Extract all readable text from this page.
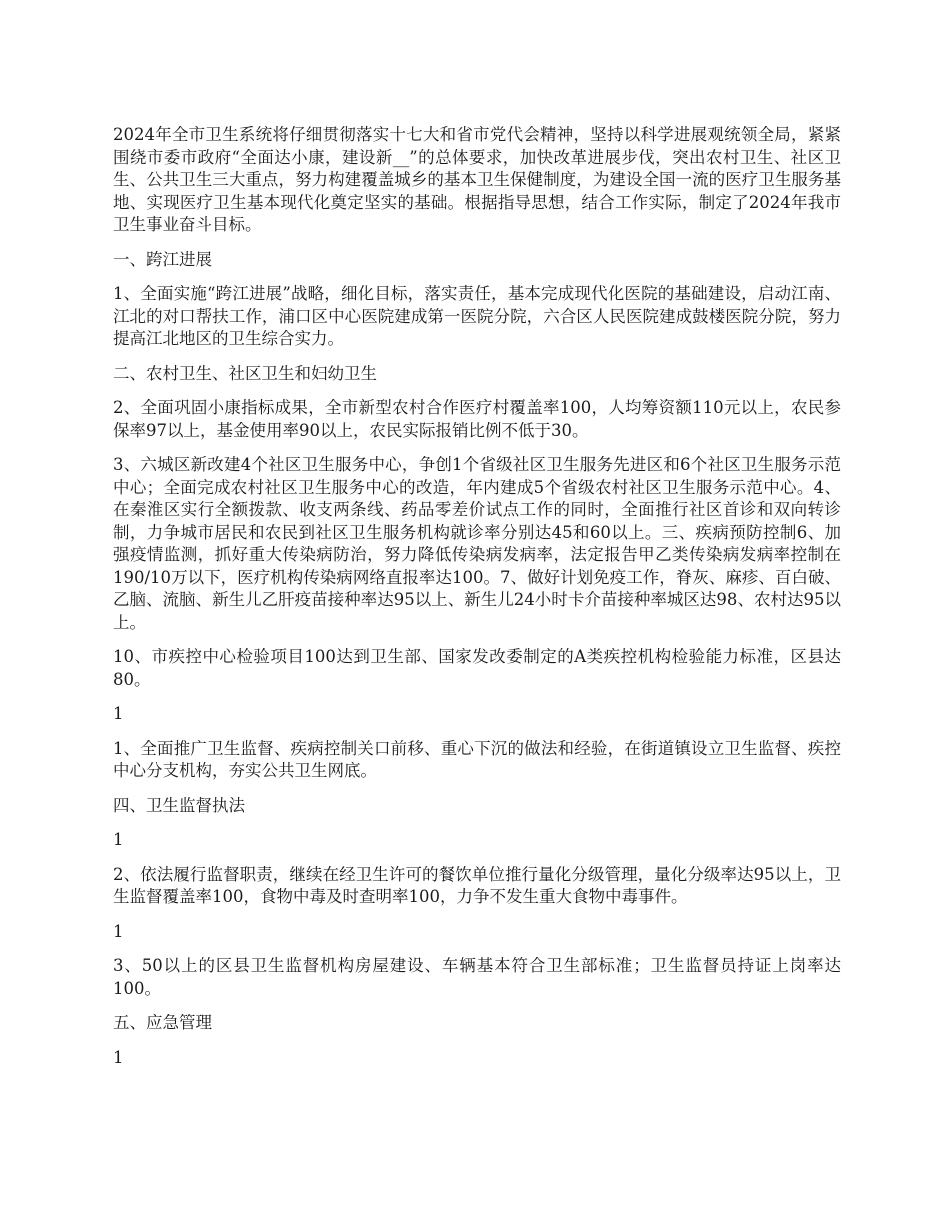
2024年全市卫生系统将仔细贯彻落实十七大和省市党代会精神，坚持以科学进展观统领全局，紧紧围绕市委市政府“全面达小康，建设新__”的总体要求，加快改革进展步伐，突出农村卫生、社区卫生、公共卫生三大重点，努力构建覆盖城乡的基本卫生保健制度，为建设全国一流的医疗卫生服务基地、实现医疗卫生基本现代化奠定坚实的基础。根据指导思想，结合工作实际，制定了2024年我市卫生事业奋斗目标。

一、跨江进展

1、全面实施“跨江进展”战略，细化目标，落实责任，基本完成现代化医院的基础建设，启动江南、江北的对口帮扶工作，浦口区中心医院建成第一医院分院，六合区人民医院建成鼓楼医院分院，努力提高江北地区的卫生综合实力。

二、农村卫生、社区卫生和妇幼卫生

2、全面巩固小康指标成果，全市新型农村合作医疗村覆盖率100，人均筹资额110元以上，农民参保率97以上，基金使用率90以上，农民实际报销比例不低于30。

3、六城区新改建4个社区卫生服务中心，争创1个省级社区卫生服务先进区和6个社区卫生服务示范中心；全面完成农村社区卫生服务中心的改造，年内建成5个省级农村社区卫生服务示范中心。4、在秦淮区实行全额拨款、收支两条线、药品零差价试点工作的同时，全面推行社区首诊和双向转诊制，力争城市居民和农民到社区卫生服务机构就诊率分别达45和60以上。三、疾病预防控制6、加强疫情监测，抓好重大传染病防治，努力降低传染病发病率，法定报告甲乙类传染病发病率控制在190/10万以下，医疗机构传染病网络直报率达100。7、做好计划免疫工作，脊灰、麻疹、百白破、乙脑、流脑、新生儿乙肝疫苗接种率达95以上、新生儿24小时卡介苗接种率城区达98、农村达95以上。

10、市疾控中心检验项目100达到卫生部、国家发改委制定的A类疾控机构检验能力标准，区县达80。

1

1、全面推广卫生监督、疾病控制关口前移、重心下沉的做法和经验，在街道镇设立卫生监督、疾控中心分支机构，夯实公共卫生网底。

四、卫生监督执法

1

2、依法履行监督职责，继续在经卫生许可的餐饮单位推行量化分级管理，量化分级率达95以上，卫生监督覆盖率100，食物中毒及时查明率100，力争不发生重大食物中毒事件。

1

3、50以上的区县卫生监督机构房屋建设、车辆基本符合卫生部标准；卫生监督员持证上岗率达100。

五、应急管理

1
